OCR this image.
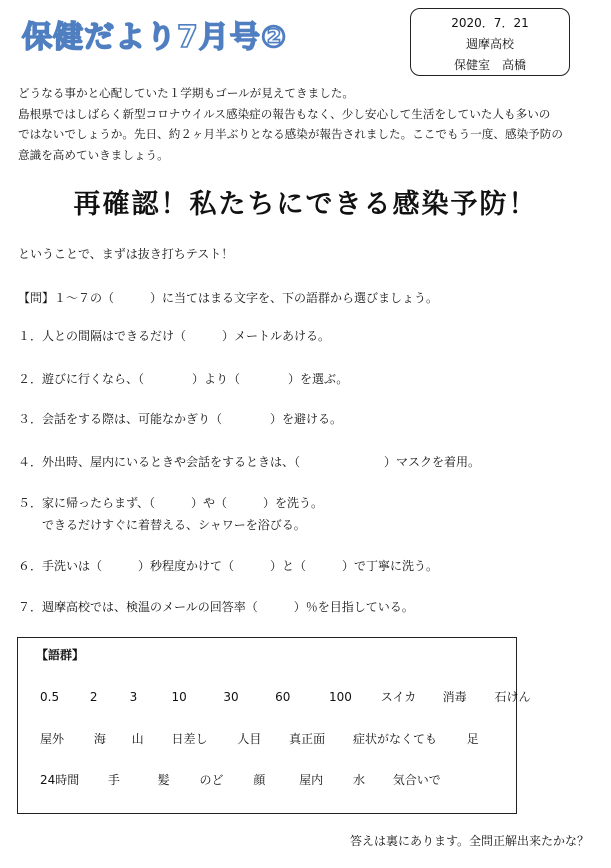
保健だより7月号②	2020．7．21
週摩高校
保健室　高橋
どうなる事かと心配していた１学期もゴールが見えてきました。
島根県ではしばらく新型コロナウイルス感染症の報告もなく、少し安心して生活をしていた人も多いの
ではないでしょうか。先日、約２ヶ月半ぶりとなる感染が報告されました。ここでもう一度、感染予防の
意識を高めていきましょう。
再確認！私たちにできる感染予防！
ということで、まずは抜き打ちテスト！
【問】１～７の（　　　）に当てはまる文字を、下の語群から選びましょう。
１．人との間隔はできるだけ（　　　）メートルあける。
２．遊びに行くなら、（　　　　）より（　　　　）を選ぶ。
３．会話をする際は、可能なかぎり（　　　　）を避ける。
４．外出時、屋内にいるときや会話をするときは、（　　　　　　　）マスクを着用。
５．家に帰ったらまず、（　　　）や（　　　）を洗う。
　　できるだけすぐに着替える、シャワーを浴びる。
６．手洗いは（　　　）秒程度かけて（　　　）と（　　　）で丁寧に洗う。
７．週摩高校では、検温のメールの回答率（　　　）％を目指している。
【語群】
0.5	2	3	10	30	60	100 スイカ 消毒 石けん
屋外 海 山 日差し 人目 真正面 症状がなくても 足
24時間 手	髪 のど 顔	屋内 水 気合いで
答えは裏にあります。全問正解出来たかな？
